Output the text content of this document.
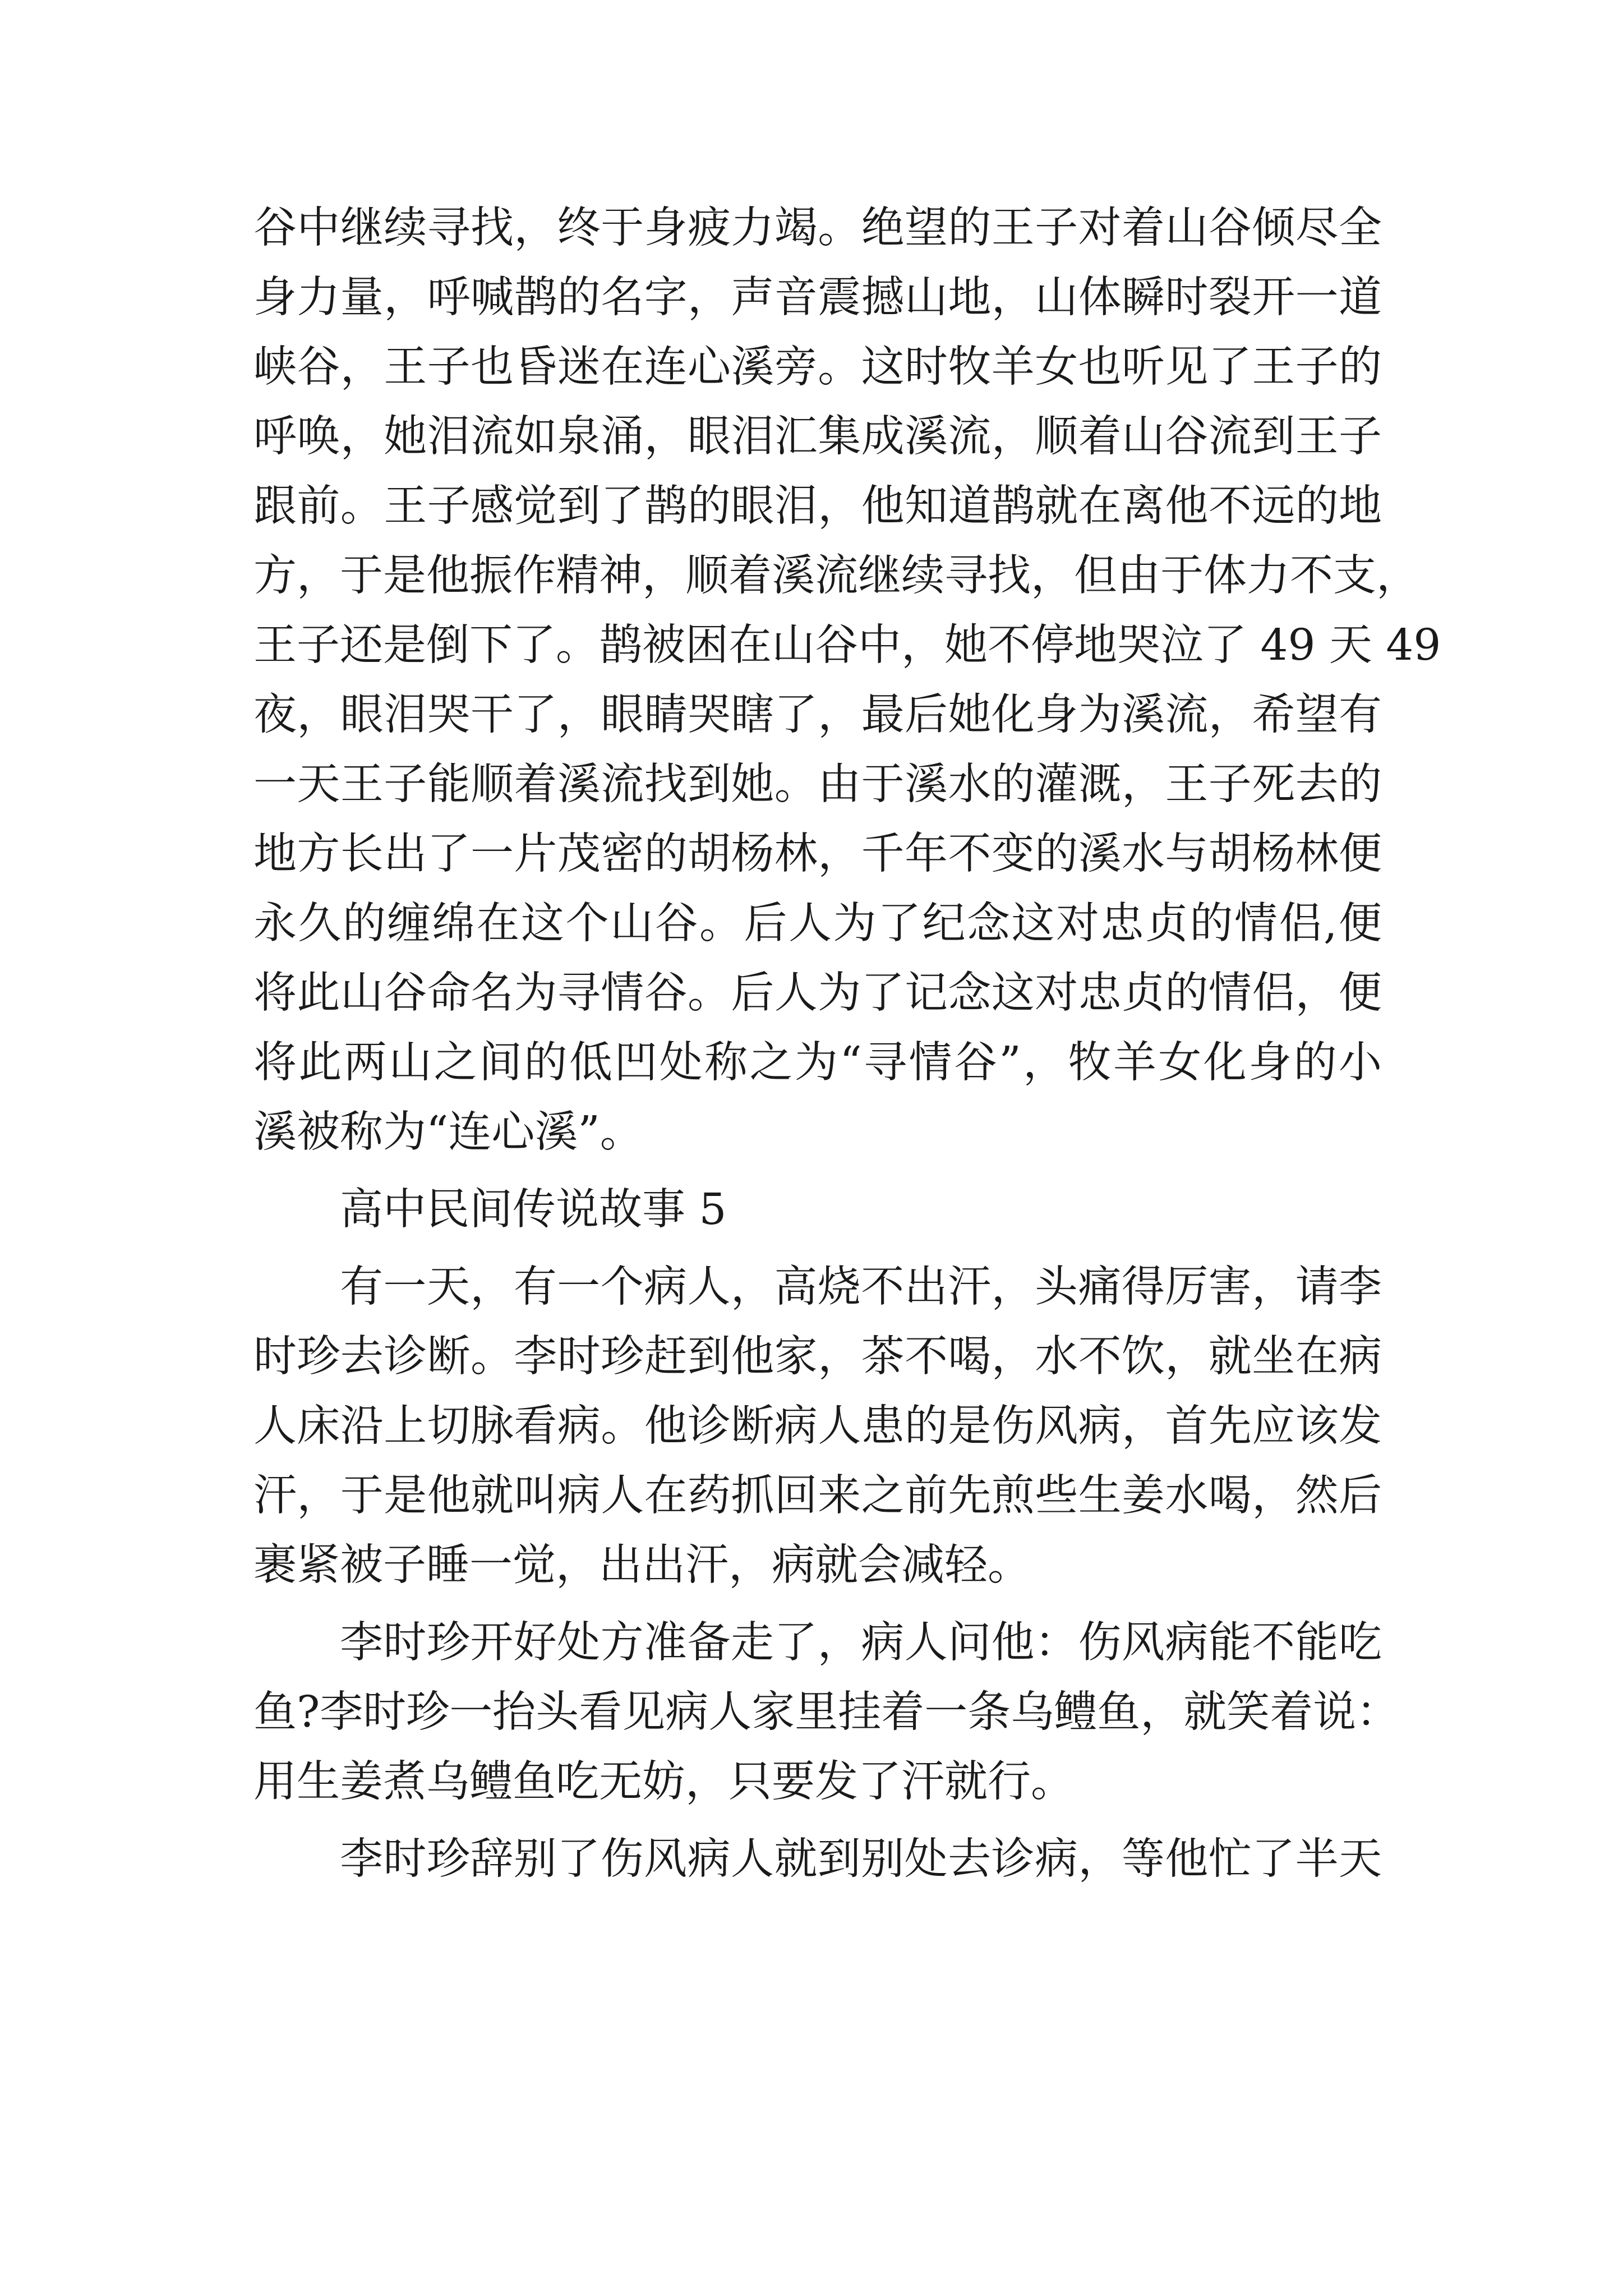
谷中继续寻找，终于身疲力竭。绝望的王子对着山谷倾尽全
身力量，呼喊鹊的名字，声音震撼山地，山体瞬时裂开一道
峡谷，王子也昏迷在连心溪旁。这时牧羊女也听见了王子的
呼唤，她泪流如泉涌，眼泪汇集成溪流，顺着山谷流到王子
跟前。王子感觉到了鹊的眼泪，他知道鹊就在离他不远的地
方，于是他振作精神，顺着溪流继续寻找，但由于体力不支，
王子还是倒下了。鹊被困在山谷中，她不停地哭泣了 49 天 49
夜，眼泪哭干了，眼睛哭瞎了，最后她化身为溪流，希望有
一天王子能顺着溪流找到她。由于溪水的灌溉，王子死去的
地方长出了一片茂密的胡杨林，千年不变的溪水与胡杨林便
永久的缠绵在这个山谷。后人为了纪念这对忠贞的情侣,便
将此山谷命名为寻情谷。后人为了记念这对忠贞的情侣，便
将此两山之间的低凹处称之为“寻情谷”，牧羊女化身的小
溪被称为“连心溪”。
高中民间传说故事 5
有一天，有一个病人，高烧不出汗，头痛得厉害，请李
时珍去诊断。李时珍赶到他家，茶不喝，水不饮，就坐在病
人床沿上切脉看病。他诊断病人患的是伤风病，首先应该发
汗，于是他就叫病人在药抓回来之前先煎些生姜水喝，然后
裹紧被子睡一觉，出出汗，病就会减轻。
李时珍开好处方准备走了，病人问他：伤风病能不能吃
鱼?李时珍一抬头看见病人家里挂着一条乌鳢鱼，就笑着说：
用生姜煮乌鳢鱼吃无妨，只要发了汗就行。
李时珍辞别了伤风病人就到别处去诊病，等他忙了半天
